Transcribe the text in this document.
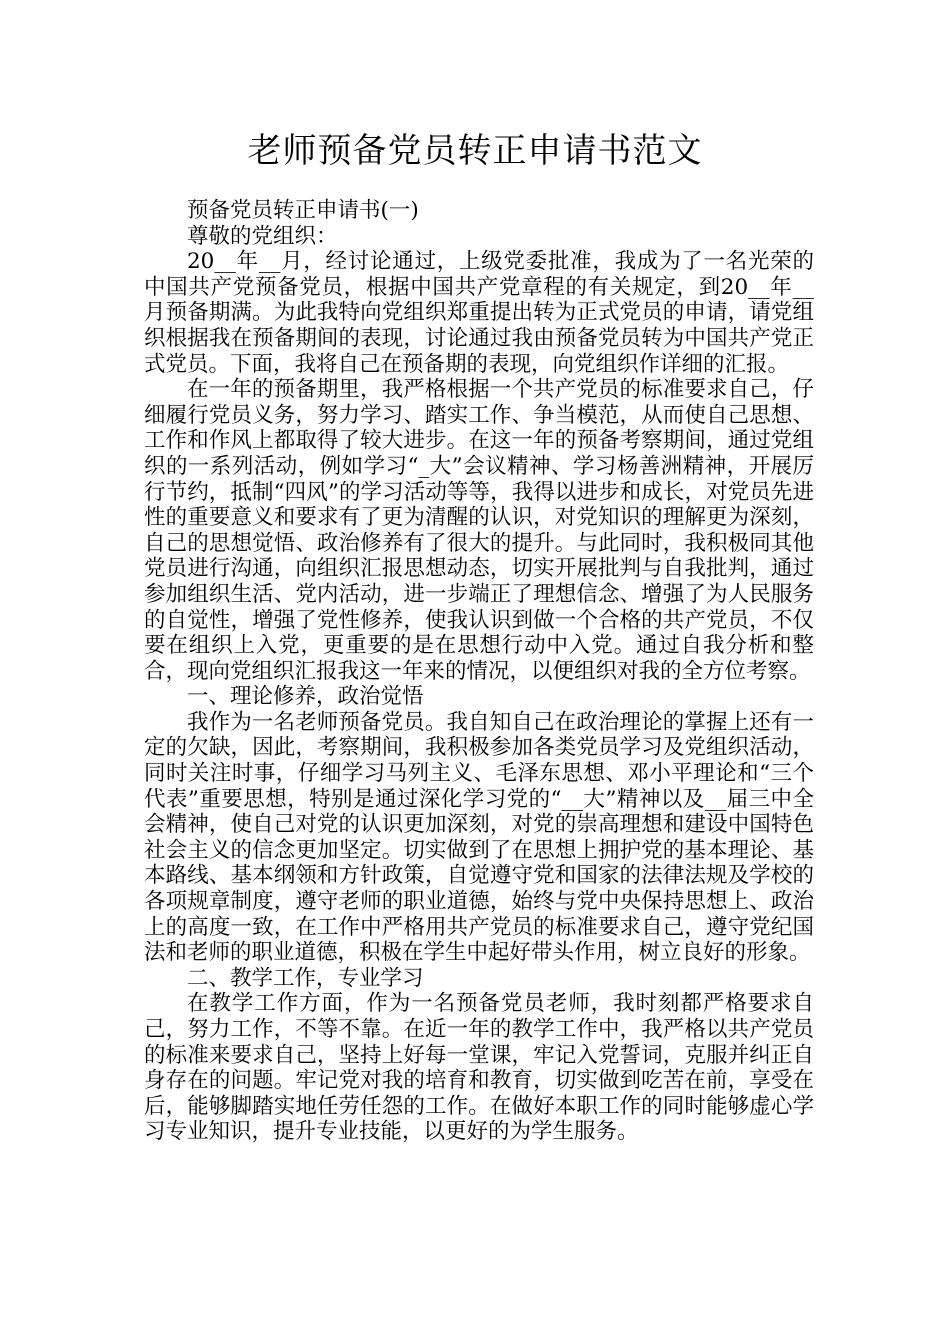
老师预备党员转正申请书范文

预备党员转正申请书(一)

尊敬的党组织：

20__年__月，经讨论通过，上级党委批准，我成为了一名光荣的中国共产党预备党员，根据中国共产党章程的有关规定，到20__年__月预备期满。为此我特向党组织郑重提出转为正式党员的申请，请党组织根据我在预备期间的表现，讨论通过我由预备党员转为中国共产党正式党员。下面，我将自己在预备期的表现，向党组织作详细的汇报。

在一年的预备期里，我严格根据一个共产党员的标准要求自己，仔细履行党员义务，努力学习、踏实工作、争当模范，从而使自己思想、工作和作风上都取得了较大进步。在这一年的预备考察期间，通过党组织的一系列活动，例如学习“_大”会议精神、学习杨善洲精神，开展厉行节约，抵制“四风”的学习活动等等，我得以进步和成长，对党员先进性的重要意义和要求有了更为清醒的认识，对党知识的理解更为深刻，自己的思想觉悟、政治修养有了很大的提升。与此同时，我积极同其他党员进行沟通，向组织汇报思想动态，切实开展批判与自我批判，通过参加组织生活、党内活动，进一步端正了理想信念、增强了为人民服务的自觉性，增强了党性修养，使我认识到做一个合格的共产党员，不仅要在组织上入党，更重要的是在思想行动中入党。通过自我分析和整合，现向党组织汇报我这一年来的情况，以便组织对我的全方位考察。

一、理论修养，政治觉悟

我作为一名老师预备党员。我自知自己在政治理论的掌握上还有一定的欠缺，因此，考察期间，我积极参加各类党员学习及党组织活动，同时关注时事，仔细学习马列主义、毛泽东思想、邓小平理论和“三个代表”重要思想，特别是通过深化学习党的“__大”精神以及__届三中全会精神，使自己对党的认识更加深刻，对党的崇高理想和建设中国特色社会主义的信念更加坚定。切实做到了在思想上拥护党的基本理论、基本路线、基本纲领和方针政策，自觉遵守党和国家的法律法规及学校的各项规章制度，遵守老师的职业道德，始终与党中央保持思想上、政治上的高度一致，在工作中严格用共产党员的标准要求自己，遵守党纪国法和老师的职业道德，积极在学生中起好带头作用，树立良好的形象。

二、教学工作，专业学习

在教学工作方面，作为一名预备党员老师，我时刻都严格要求自己，努力工作，不等不靠。在近一年的教学工作中，我严格以共产党员的标准来要求自己，坚持上好每一堂课，牢记入党誓词，克服并纠正自身存在的问题。牢记党对我的培育和教育，切实做到吃苦在前，享受在后，能够脚踏实地任劳任怨的工作。在做好本职工作的同时能够虚心学习专业知识，提升专业技能，以更好的为学生服务。
